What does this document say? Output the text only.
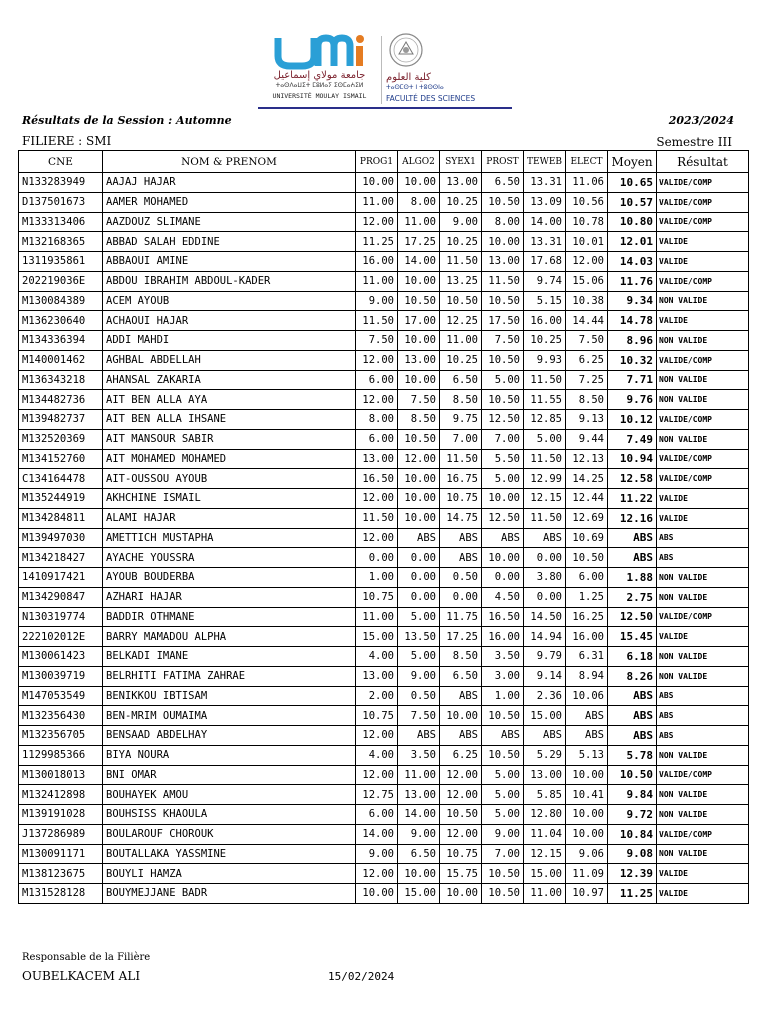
جامعة مولاي إسماعيل
ⵜⴰⵙⴷⴰⵡⵉⵜ ⵎⵓⵍⴰⵢ ⵉⵙⵎⴰⵄⵉⵍ
UNIVERSITÉ MOULAY ISMAIL
كلية العلوم
ⵜⴰⵙⵎⵙⵜ ⵏ ⵜⵓⵙⵙⵏⴰ
FACULTÉ DES SCIENCES
Résultats de la Session : Automne	2023/2024
FILIERE : SMI	Semestre III
CNE	NOM & PRENOM	PROG1	ALGO2	SYEX1	PROST	TEWEB	ELECT	Moyen	Résultat
N133283949	AAJAJ HAJAR	10.00	10.00	13.00	6.50	13.31	11.06	10.65	VALIDE/COMP
D137501673	AAMER MOHAMED	11.00	8.00	10.25	10.50	13.09	10.56	10.57	VALIDE/COMP
M133313406	AAZDOUZ SLIMANE	12.00	11.00	9.00	8.00	14.00	10.78	10.80	VALIDE/COMP
M132168365	ABBAD SALAH EDDINE	11.25	17.25	10.25	10.00	13.31	10.01	12.01	VALIDE
1311935861	ABBAOUI AMINE	16.00	14.00	11.50	13.00	17.68	12.00	14.03	VALIDE
202219036E	ABDOU IBRAHIM ABDOUL-KADER	11.00	10.00	13.25	11.50	9.74	15.06	11.76	VALIDE/COMP
M130084389	ACEM AYOUB	9.00	10.50	10.50	10.50	5.15	10.38	9.34	NON VALIDE
M136230640	ACHAOUI HAJAR	11.50	17.00	12.25	17.50	16.00	14.44	14.78	VALIDE
M134336394	ADDI MAHDI	7.50	10.00	11.00	7.50	10.25	7.50	8.96	NON VALIDE
M140001462	AGHBAL ABDELLAH	12.00	13.00	10.25	10.50	9.93	6.25	10.32	VALIDE/COMP
M136343218	AHANSAL ZAKARIA	6.00	10.00	6.50	5.00	11.50	7.25	7.71	NON VALIDE
M134482736	AIT BEN ALLA AYA	12.00	7.50	8.50	10.50	11.55	8.50	9.76	NON VALIDE
M139482737	AIT BEN ALLA IHSANE	8.00	8.50	9.75	12.50	12.85	9.13	10.12	VALIDE/COMP
M132520369	AIT MANSOUR SABIR	6.00	10.50	7.00	7.00	5.00	9.44	7.49	NON VALIDE
M134152760	AIT MOHAMED MOHAMED	13.00	12.00	11.50	5.50	11.50	12.13	10.94	VALIDE/COMP
C134164478	AIT-OUSSOU AYOUB	16.50	10.00	16.75	5.00	12.99	14.25	12.58	VALIDE/COMP
M135244919	AKHCHINE ISMAIL	12.00	10.00	10.75	10.00	12.15	12.44	11.22	VALIDE
M134284811	ALAMI HAJAR	11.50	10.00	14.75	12.50	11.50	12.69	12.16	VALIDE
M139497030	AMETTICH MUSTAPHA	12.00	ABS	ABS	ABS	ABS	10.69	ABS	ABS
M134218427	AYACHE YOUSSRA	0.00	0.00	ABS	10.00	0.00	10.50	ABS	ABS
1410917421	AYOUB BOUDERBA	1.00	0.00	0.50	0.00	3.80	6.00	1.88	NON VALIDE
M134290847	AZHARI HAJAR	10.75	0.00	0.00	4.50	0.00	1.25	2.75	NON VALIDE
N130319774	BADDIR OTHMANE	11.00	5.00	11.75	16.50	14.50	16.25	12.50	VALIDE/COMP
222102012E	BARRY MAMADOU ALPHA	15.00	13.50	17.25	16.00	14.94	16.00	15.45	VALIDE
M130061423	BELKADI IMANE	4.00	5.00	8.50	3.50	9.79	6.31	6.18	NON VALIDE
M130039719	BELRHITI FATIMA ZAHRAE	13.00	9.00	6.50	3.00	9.14	8.94	8.26	NON VALIDE
M147053549	BENIKKOU IBTISAM	2.00	0.50	ABS	1.00	2.36	10.06	ABS	ABS
M132356430	BEN-MRIM OUMAIMA	10.75	7.50	10.00	10.50	15.00	ABS	ABS	ABS
M132356705	BENSAAD ABDELHAY	12.00	ABS	ABS	ABS	ABS	ABS	ABS	ABS
1129985366	BIYA NOURA	4.00	3.50	6.25	10.50	5.29	5.13	5.78	NON VALIDE
M130018013	BNI OMAR	12.00	11.00	12.00	5.00	13.00	10.00	10.50	VALIDE/COMP
M132412898	BOUHAYEK AMOU	12.75	13.00	12.00	5.00	5.85	10.41	9.84	NON VALIDE
M139191028	BOUHSISS KHAOULA	6.00	14.00	10.50	5.00	12.80	10.00	9.72	NON VALIDE
J137286989	BOULAROUF CHOROUK	14.00	9.00	12.00	9.00	11.04	10.00	10.84	VALIDE/COMP
M130091171	BOUTALLAKA YASSMINE	9.00	6.50	10.75	7.00	12.15	9.06	9.08	NON VALIDE
M138123675	BOUYLI HAMZA	12.00	10.00	15.75	10.50	15.00	11.09	12.39	VALIDE
M131528128	BOUYMEJJANE BADR	10.00	15.00	10.00	10.50	11.00	10.97	11.25	VALIDE
Responsable de la Filière
OUBELKACEM ALI	15/02/2024
